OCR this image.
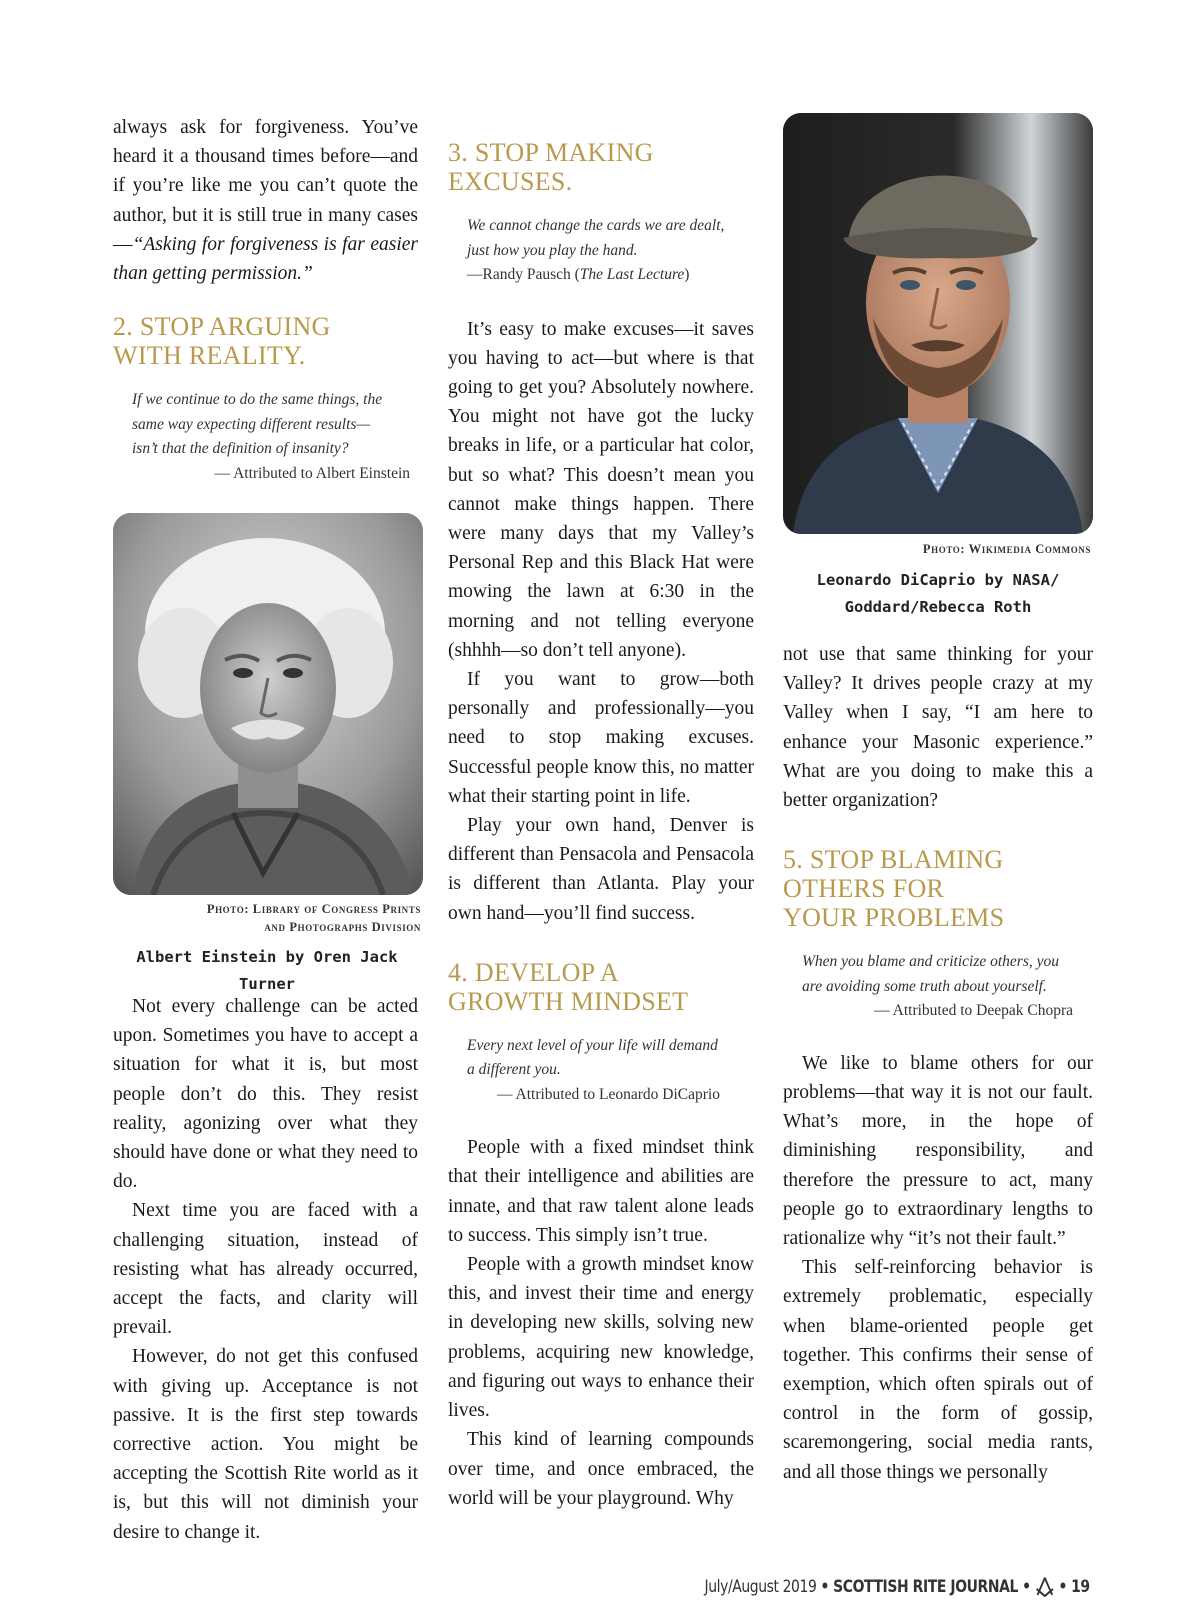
always ask for forgiveness. You’ve heard it a thousand times before—and if you’re like me you can’t quote the author, but it is still true in many cases—“Asking for forgiveness is far easier than getting permission.”

2. STOP ARGUING WITH REALITY.
If we continue to do the same things, the
same way expecting different results—
isn’t that the definition of insanity?
— Attributed to Albert Einstein
Photo: Library of Congress Prints
and Photographs Division
Albert Einstein by Oren Jack Turner

Not every challenge can be acted upon. Sometimes you have to accept a situation for what it is, but most people don’t do this. They resist reality, agonizing over what they should have done or what they need to do.

Next time you are faced with a challenging situation, instead of resisting what has already occurred, accept the facts, and clarity will prevail.

However, do not get this confused with giving up. Acceptance is not passive. It is the first step towards corrective action. You might be accepting the Scottish Rite world as it is, but this will not diminish your desire to change it.

3. STOP MAKING EXCUSES.
We cannot change the cards we are dealt,
just how you play the hand.
—Randy Pausch (The Last Lecture)

It’s easy to make excuses—it saves you having to act—but where is that going to get you? Absolutely nowhere. You might not have got the lucky breaks in life, or a particular hat color, but so what? This doesn’t mean you cannot make things happen. There were many days that my Valley’s Personal Rep and this Black Hat were mowing the lawn at 6:30 in the morning and not telling everyone (shhhh—so don’t tell anyone).

If you want to grow—both personally and professionally—you need to stop making excuses. Successful people know this, no matter what their starting point in life.

Play your own hand, Denver is different than Pensacola and Pensacola is different than Atlanta. Play your own hand—you’ll find success.

4. DEVELOP A GROWTH MINDSET
Every next level of your life will demand
a different you.
— Attributed to Leonardo DiCaprio

People with a fixed mindset think that their intelligence and abilities are innate, and that raw talent alone leads to success. This simply isn’t true.

People with a growth mindset know this, and invest their time and energy in developing new skills, solving new problems, acquiring new knowledge, and figuring out ways to enhance their lives.

This kind of learning compounds over time, and once embraced, the world will be your playground. Why

Photo: Wikimedia Commons
Leonardo DiCaprio by NASA/
Goddard/Rebecca Roth

not use that same thinking for your Valley? It drives people crazy at my Valley when I say, “I am here to enhance your Masonic experience.” What are you doing to make this a better organization?

5. STOP BLAMING OTHERS FOR YOUR PROBLEMS
When you blame and criticize others, you
are avoiding some truth about yourself.
— Attributed to Deepak Chopra

We like to blame others for our problems—that way it is not our fault. What’s more, in the hope of diminishing responsibility, and therefore the pressure to act, many people go to extraordinary lengths to rationalize why “it’s not their fault.”

This self-reinforcing behavior is extremely problematic, especially when blame-oriented people get together. This confirms their sense of exemption, which often spirals out of control in the form of gossip, scaremongering, social media rants, and all those things we personally

July/August 2019 • SCOTTISH RITE JOURNAL • • 19
